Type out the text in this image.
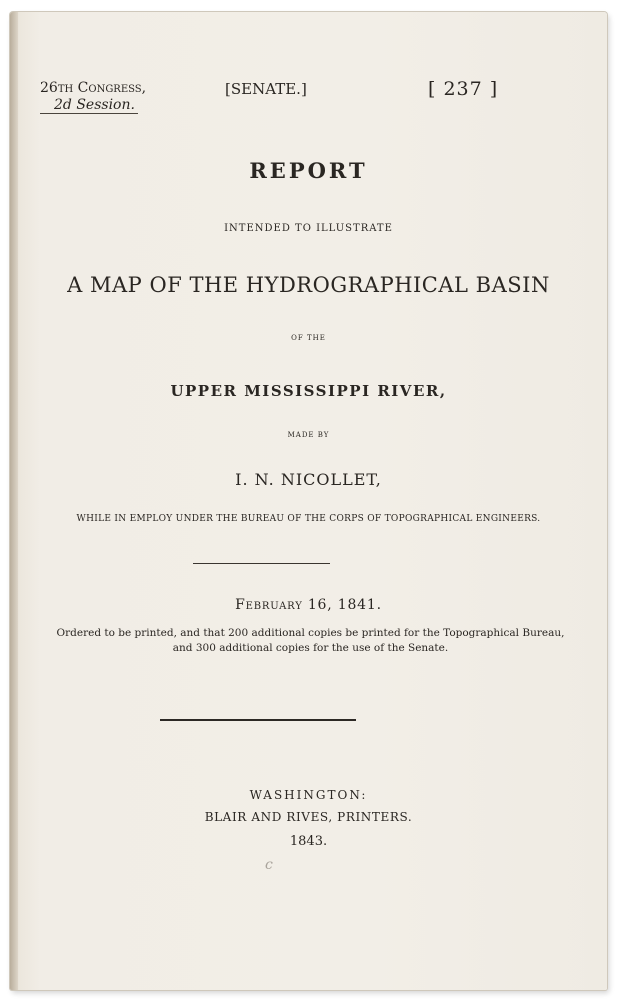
26th Congress,
2d Session.
[SENATE.]	[ 237 ]
REPORT
INTENDED TO ILLUSTRATE
A MAP OF THE HYDROGRAPHICAL BASIN
OF THE
UPPER MISSISSIPPI RIVER,
MADE BY
I. N. NICOLLET,
WHILE IN EMPLOY UNDER THE BUREAU OF THE CORPS OF TOPOGRAPHICAL ENGINEERS.
February 16, 1841.
Ordered to be printed, and that 200 additional copies be printed for the Topographical Bureau,
and 300 additional copies for the use of the Senate.
WASHINGTON:
BLAIR AND RIVES, PRINTERS.
1843.
c
